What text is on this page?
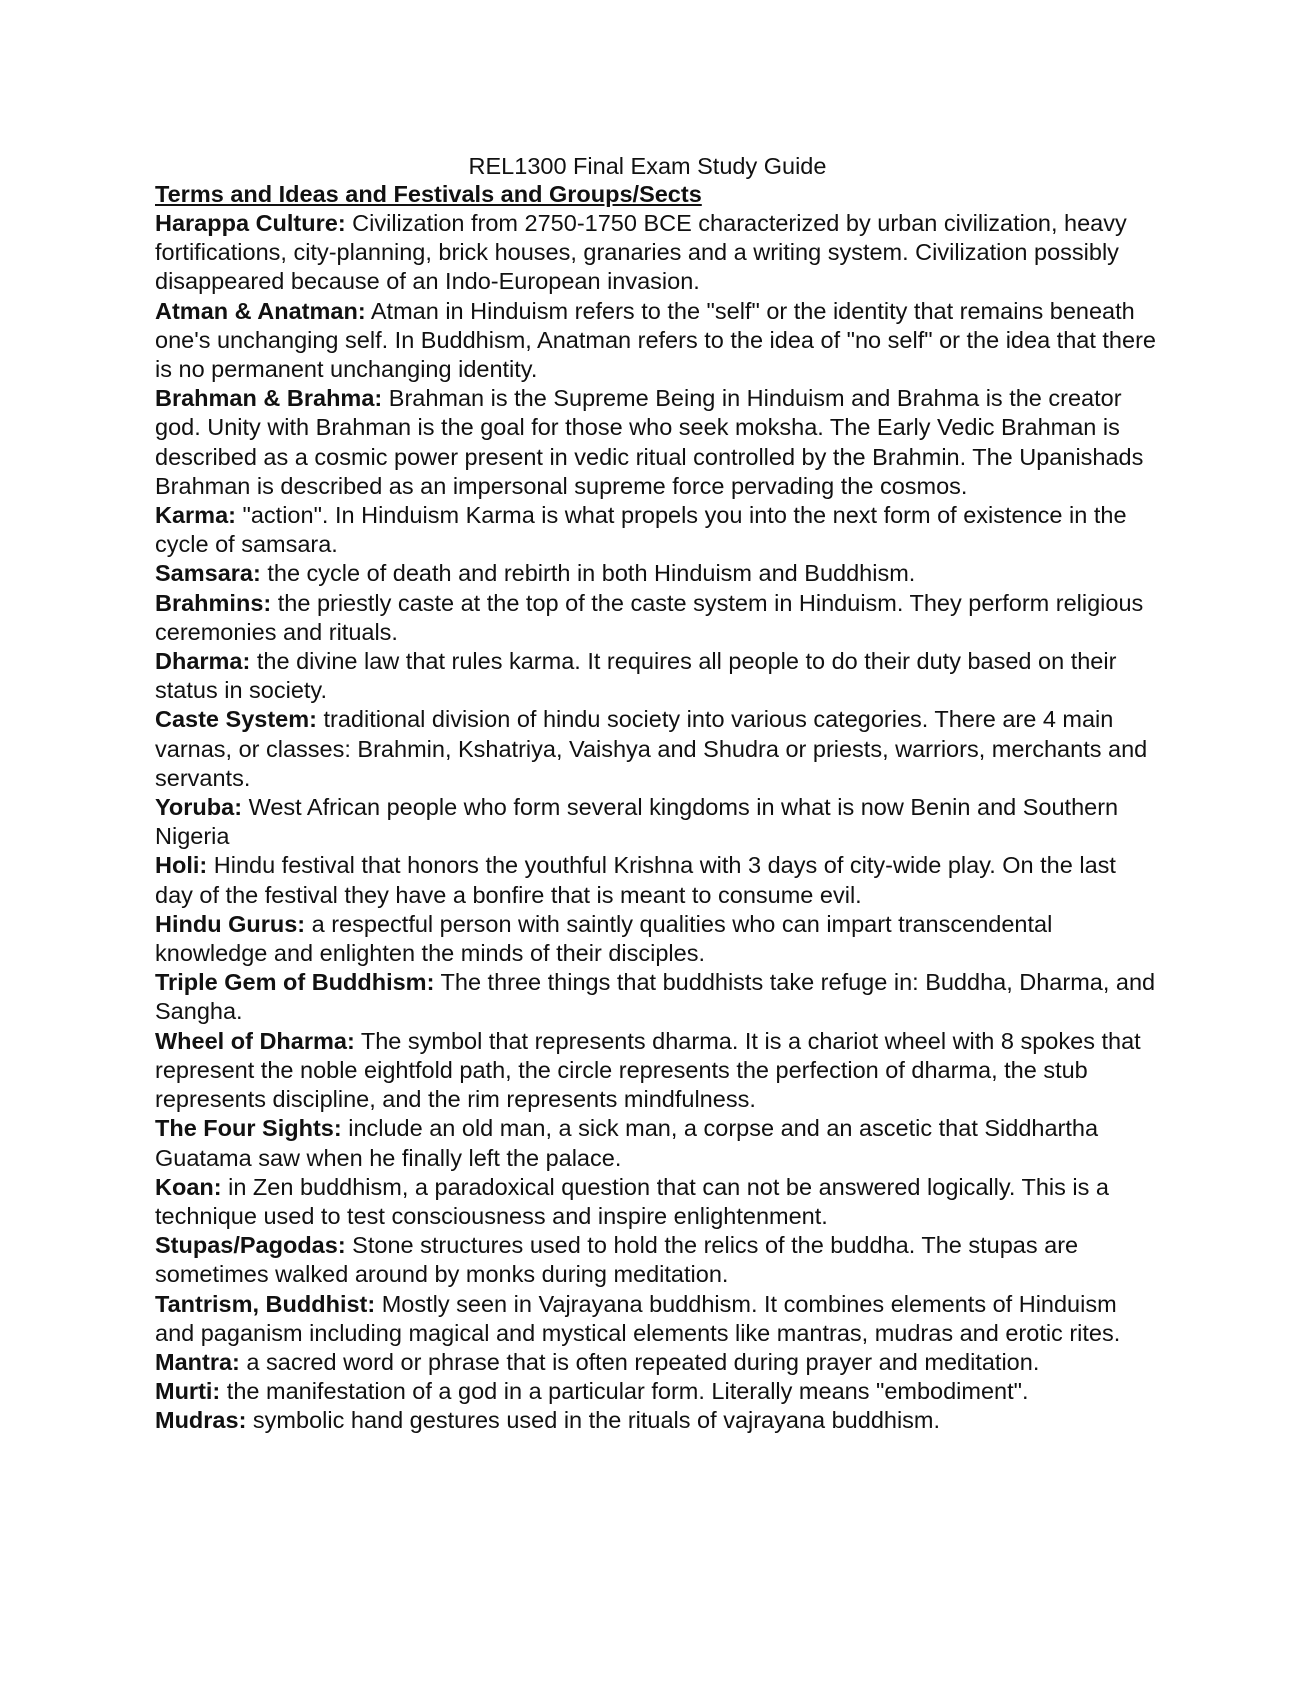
REL1300 Final Exam Study Guide
Terms and Ideas and Festivals and Groups/Sects

Harappa Culture: Civilization from 2750-1750 BCE characterized by urban civilization, heavy fortifications, city-planning, brick houses, granaries and a writing system. Civilization possibly disappeared because of an Indo-European invasion.

Atman & Anatman: Atman in Hinduism refers to the "self" or the identity that remains beneath one's unchanging self. In Buddhism, Anatman refers to the idea of "no self" or the idea that there is no permanent unchanging identity.

Brahman & Brahma: Brahman is the Supreme Being in Hinduism and Brahma is the creator god. Unity with Brahman is the goal for those who seek moksha. The Early Vedic Brahman is described as a cosmic power present in vedic ritual controlled by the Brahmin. The Upanishads Brahman is described as an impersonal supreme force pervading the cosmos.

Karma: "action". In Hinduism Karma is what propels you into the next form of existence in the cycle of samsara.

Samsara: the cycle of death and rebirth in both Hinduism and Buddhism.

Brahmins: the priestly caste at the top of the caste system in Hinduism. They perform religious ceremonies and rituals.

Dharma: the divine law that rules karma. It requires all people to do their duty based on their status in society.

Caste System: traditional division of hindu society into various categories. There are 4 main varnas, or classes: Brahmin, Kshatriya, Vaishya and Shudra or priests, warriors, merchants and servants.

Yoruba: West African people who form several kingdoms in what is now Benin and Southern Nigeria

Holi: Hindu festival that honors the youthful Krishna with 3 days of city-wide play. On the last day of the festival they have a bonfire that is meant to consume evil.

Hindu Gurus: a respectful person with saintly qualities who can impart transcendental knowledge and enlighten the minds of their disciples.

Triple Gem of Buddhism: The three things that buddhists take refuge in: Buddha, Dharma, and Sangha.

Wheel of Dharma: The symbol that represents dharma. It is a chariot wheel with 8 spokes that represent the noble eightfold path, the circle represents the perfection of dharma, the stub represents discipline, and the rim represents mindfulness.

The Four Sights: include an old man, a sick man, a corpse and an ascetic that Siddhartha Guatama saw when he finally left the palace.

Koan: in Zen buddhism, a paradoxical question that can not be answered logically. This is a technique used to test consciousness and inspire enlightenment.

Stupas/Pagodas: Stone structures used to hold the relics of the buddha. The stupas are sometimes walked around by monks during meditation.

Tantrism, Buddhist: Mostly seen in Vajrayana buddhism. It combines elements of Hinduism and paganism including magical and mystical elements like mantras, mudras and erotic rites.

Mantra: a sacred word or phrase that is often repeated during prayer and meditation.

Murti: the manifestation of a god in a particular form. Literally means "embodiment".

Mudras: symbolic hand gestures used in the rituals of vajrayana buddhism.
